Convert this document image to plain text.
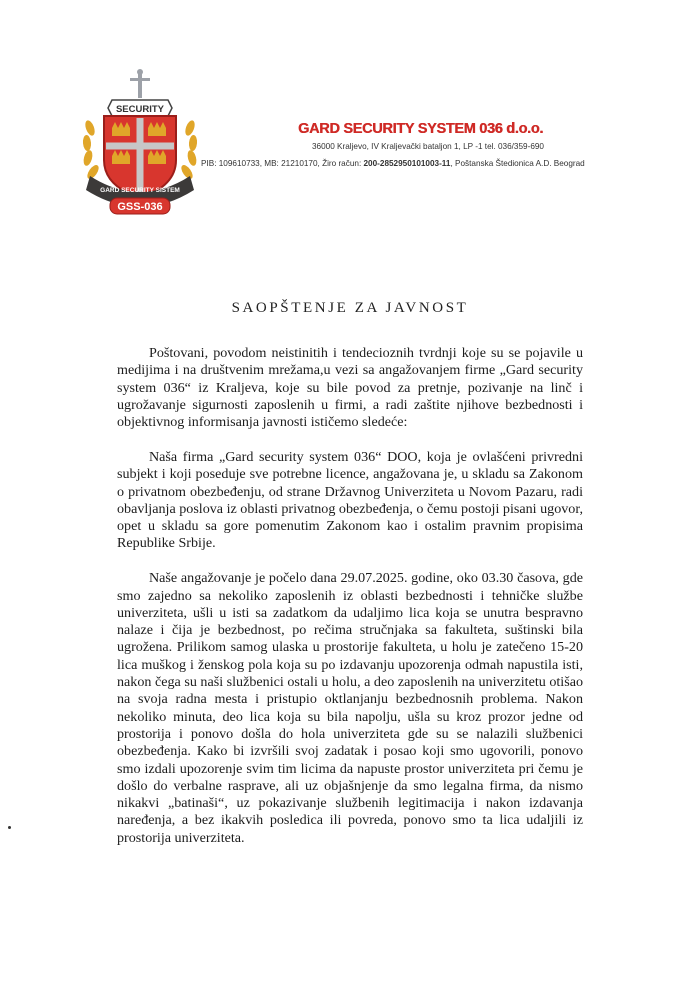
SECURITY
GARD SECURITY SISTEM
GSS-036
GARD SECURITY SYSTEM 036 d.o.o.
36000 Kraljevo, IV Kraljevački bataljon 1, LP -1 tel. 036/359-690
PIB: 109610733, MB: 21210170, Žiro račun: 200-2852950101003-11, Poštanska Štedionica A.D. Beograd
SAOPŠTENJE ZA JAVNOST

Poštovani, povodom neistinitih i tendecioznih tvrdnji koje su se pojavile u medijima i na društvenim mrežama,u vezi sa angažovanjem firme „Gard security system 036“ iz Kraljeva, koje su bile povod za pretnje, pozivanje na linč i ugrožavanje sigurnosti zaposlenih u firmi, a radi zaštite njihove bezbednosti i objektivnog informisanja javnosti ističemo sledeće:

Naša firma „Gard security system 036“ DOO, koja je ovlašćeni privredni subjekt i koji poseduje sve potrebne licence, angažovana je, u skladu sa Zakonom o privatnom obezbeđenju, od strane Državnog Univerziteta u Novom Pazaru, radi obavljanja poslova iz oblasti privatnog obezbeđenja, o čemu postoji pisani ugovor, opet u skladu sa gore pomenutim Zakonom kao i ostalim pravnim propisima Republike Srbije.

Naše angažovanje je počelo dana 29.07.2025. godine, oko 03.30 časova, gde smo zajedno sa nekoliko zaposlenih iz oblasti bezbednosti i tehničke službe univerziteta, ušli u isti sa zadatkom da udaljimo lica koja se unutra bespravno nalaze i čija je bezbednost, po rečima stručnjaka sa fakulteta, suštinski bila ugrožena. Prilikom samog ulaska u prostorije fakulteta, u holu je zatečeno 15-20 lica muškog i ženskog pola koja su po izdavanju upozorenja odmah napustila isti, nakon čega su naši službenici ostali u holu, a deo zaposlenih na univerzitetu otišao na svoja radna mesta i pristupio oktlanjanju bezbednosnih problema. Nakon nekoliko minuta, deo lica koja su bila napolju, ušla su kroz prozor jedne od prostorija i ponovo došla do hola univerziteta gde su se nalazili službenici obezbeđenja. Kako bi izvršili svoj zadatak i posao koji smo ugovorili, ponovo smo izdali upozorenje svim tim licima da napuste prostor univerziteta pri čemu je došlo do verbalne rasprave, ali uz objašnjenje da smo legalna firma, da nismo nikakvi „batinaši“, uz pokazivanje službenih legitimacija i nakon izdavanja naređenja, a bez ikakvih posledica ili povreda, ponovo smo ta lica udaljili iz prostorija univerziteta.
